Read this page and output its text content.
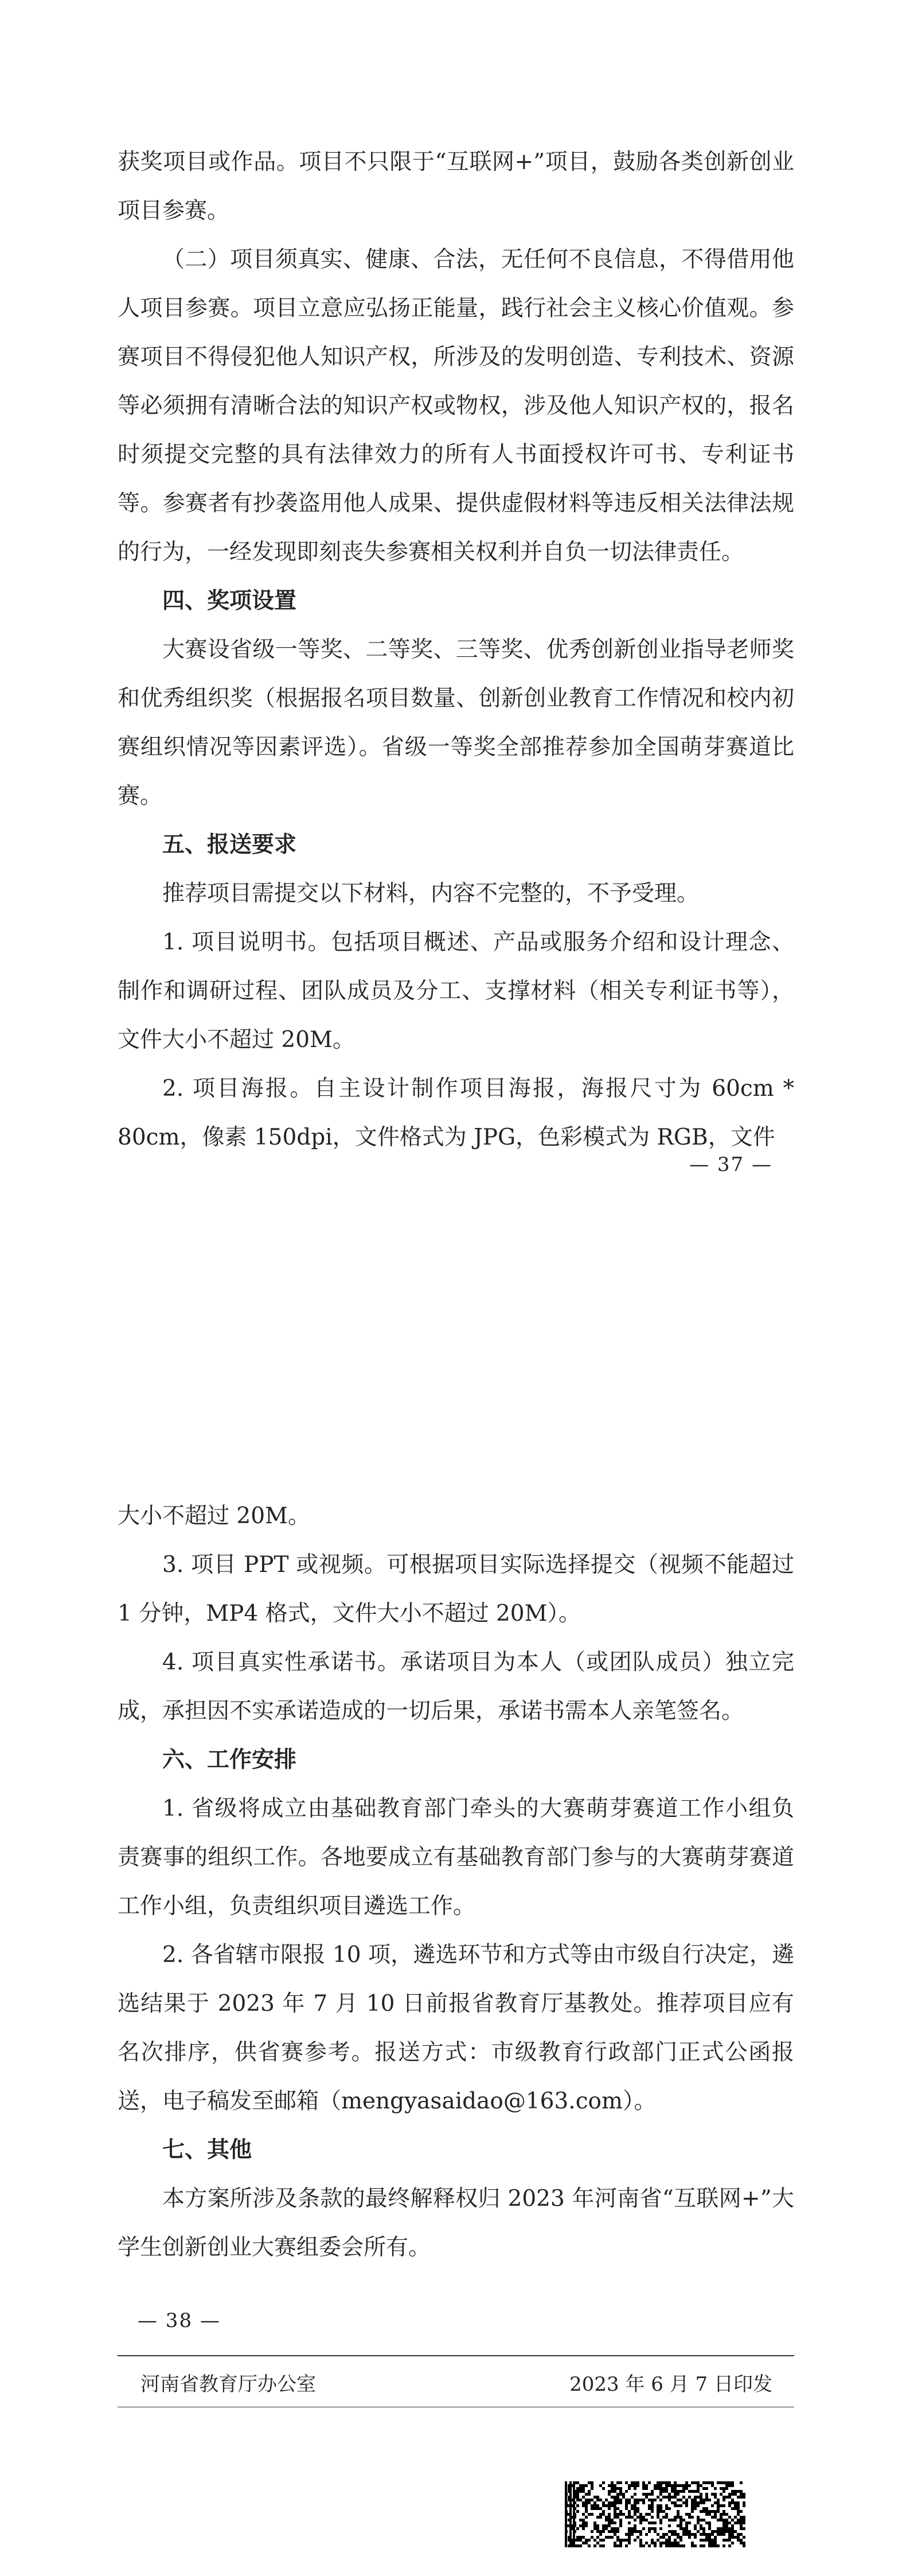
获奖项目或作品。项目不只限于“互联网+”项目，鼓励各类创新创业项目参赛。

（二）项目须真实、健康、合法，无任何不良信息，不得借用他人项目参赛。项目立意应弘扬正能量，践行社会主义核心价值观。参赛项目不得侵犯他人知识产权，所涉及的发明创造、专利技术、资源等必须拥有清晰合法的知识产权或物权，涉及他人知识产权的，报名时须提交完整的具有法律效力的所有人书面授权许可书、专利证书等。参赛者有抄袭盗用他人成果、提供虚假材料等违反相关法律法规的行为，一经发现即刻丧失参赛相关权利并自负一切法律责任。

四、奖项设置

大赛设省级一等奖、二等奖、三等奖、优秀创新创业指导老师奖和优秀组织奖（根据报名项目数量、创新创业教育工作情况和校内初赛组织情况等因素评选）。省级一等奖全部推荐参加全国萌芽赛道比赛。

五、报送要求

推荐项目需提交以下材料，内容不完整的，不予受理。

1. 项目说明书。包括项目概述、产品或服务介绍和设计理念、制作和调研过程、团队成员及分工、支撑材料（相关专利证书等），文件大小不超过 20M。

2. 项目海报。自主设计制作项目海报，海报尺寸为 60cm * 80cm，像素 150dpi，文件格式为 JPG，色彩模式为 RGB，文件

— 37 —

大小不超过 20M。

3. 项目 PPT 或视频。可根据项目实际选择提交（视频不能超过 1 分钟，MP4 格式，文件大小不超过 20M）。

4. 项目真实性承诺书。承诺项目为本人（或团队成员）独立完成，承担因不实承诺造成的一切后果，承诺书需本人亲笔签名。

六、工作安排

1. 省级将成立由基础教育部门牵头的大赛萌芽赛道工作小组负责赛事的组织工作。各地要成立有基础教育部门参与的大赛萌芽赛道工作小组，负责组织项目遴选工作。

2. 各省辖市限报 10 项，遴选环节和方式等由市级自行决定，遴选结果于 2023 年 7 月 10 日前报省教育厅基教处。推荐项目应有名次排序，供省赛参考。报送方式：市级教育行政部门正式公函报送，电子稿发至邮箱（mengyasaidao@163.com）。

七、其他

本方案所涉及条款的最终解释权归 2023 年河南省“互联网+”大学生创新创业大赛组委会所有。

— 38 —
河南省教育厅办公室	2023 年 6 月 7 日印发
